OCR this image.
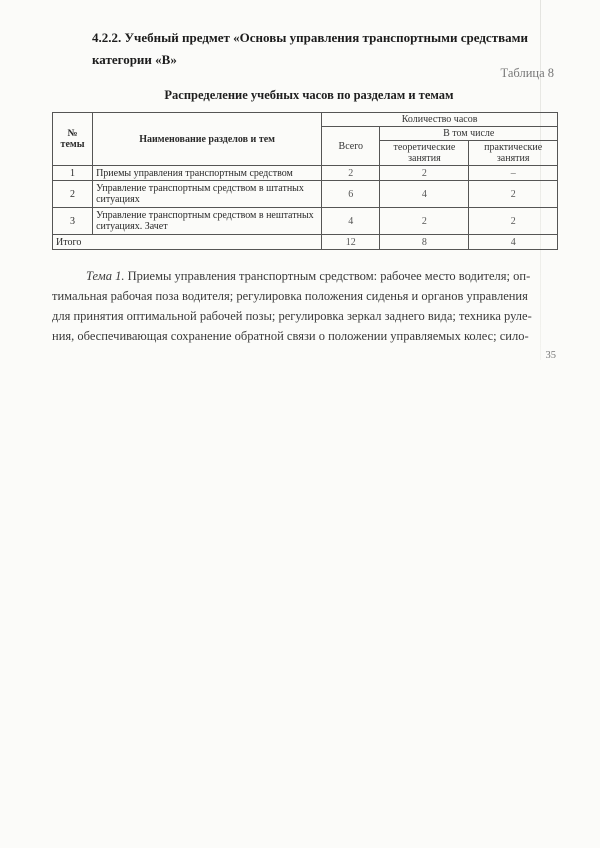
4.2.2. Учебный предмет «Основы управления транспортными средствами
категории «В»
Таблица 8
Распределение учебных часов по разделам и темам
№ темы	Наименование разделов и тем	Количество часов		
		Всего	В том числе	
			теоретические занятия	практические занятия
1	Приемы управления транспортным средством	2	2	–
2	Управление транспортным средством в штатных ситуациях	6	4	2
3	Управление транспортным средством в нештатных ситуациях. Зачет	4	2	2
Итого		12	8	4
Тема 1. Приемы управления транспортным средством: рабочее место водителя; оп-
тимальная рабочая поза водителя; регулировка положения сиденья и органов управления
для принятия оптимальной рабочей позы; регулировка зеркал заднего вида; техника руле-
ния, обеспечивающая сохранение обратной связи о положении управляемых колес; сило-
35
